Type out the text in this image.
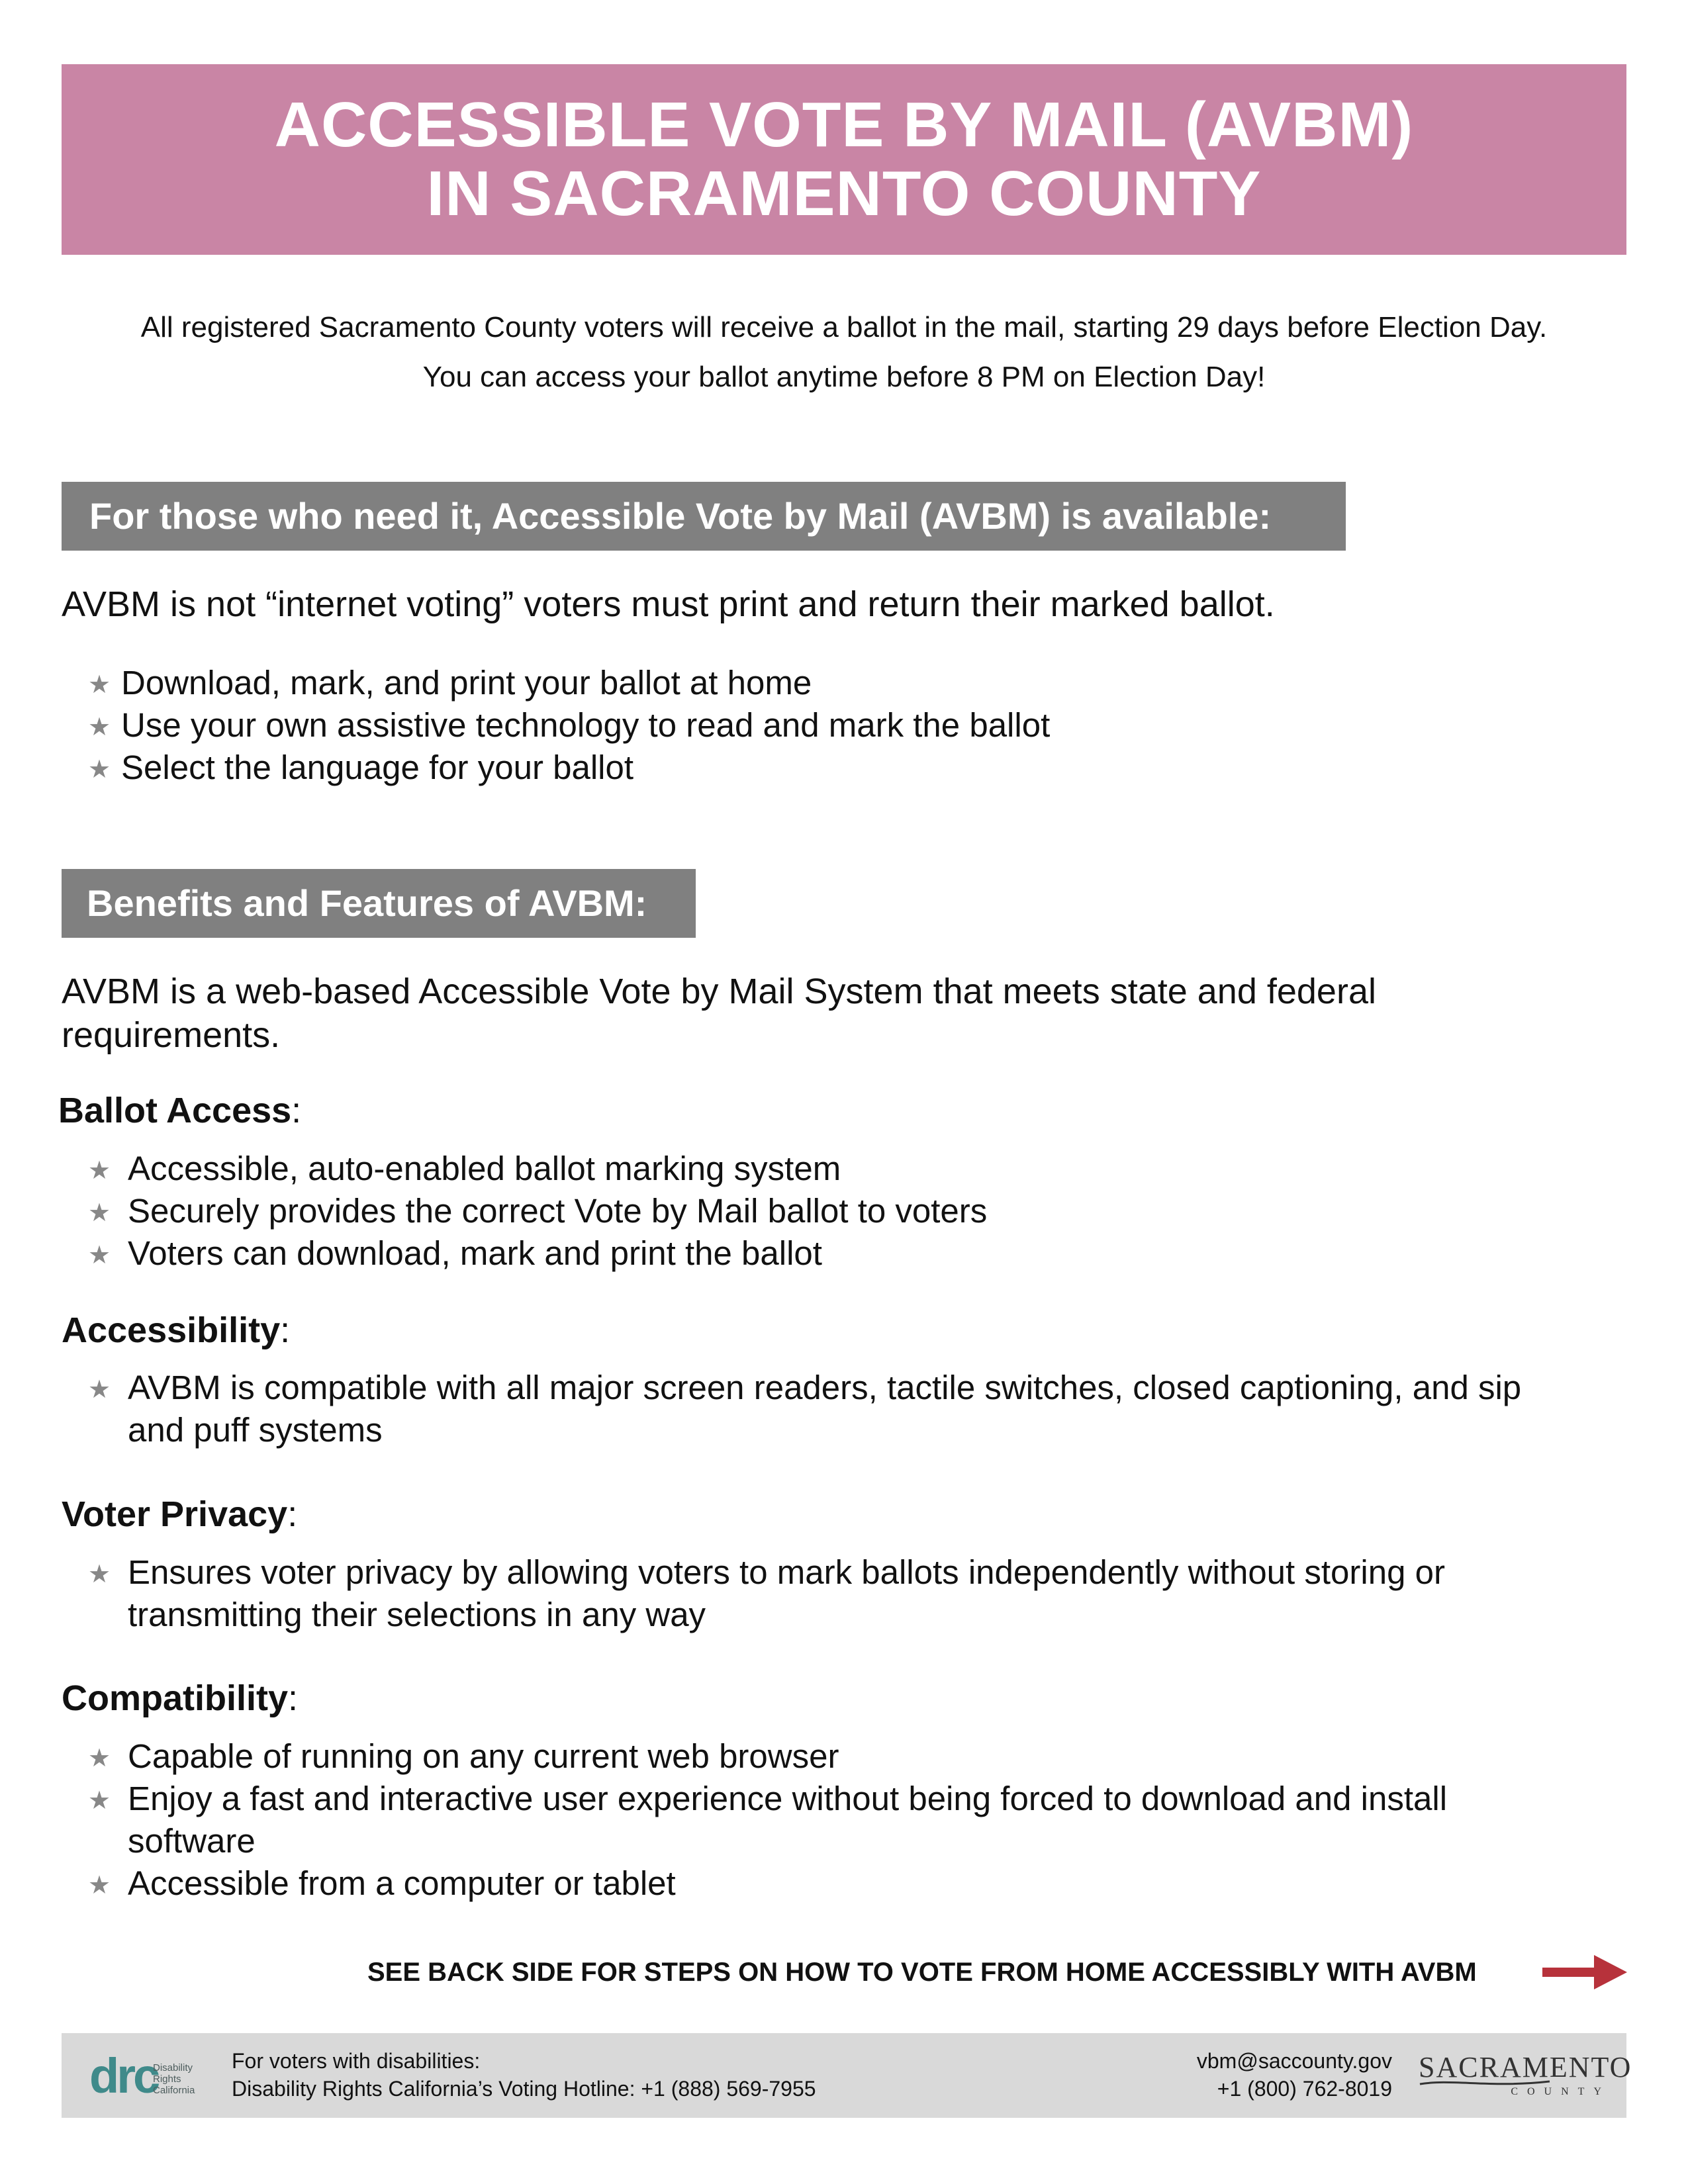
ACCESSIBLE VOTE BY MAIL (AVBM)
IN SACRAMENTO COUNTY
All registered Sacramento County voters will receive a ballot in the mail, starting 29 days before Election Day.
You can access your ballot anytime before 8 PM on Election Day!
For those who need it, Accessible Vote by Mail (AVBM) is available:
AVBM is not “internet voting” voters must print and return their marked ballot.
★ Download, mark, and print your ballot at home
★ Use your own assistive technology to read and mark the ballot
★ Select the language for your ballot
Benefits and Features of AVBM:
AVBM is a web-based Accessible Vote by Mail System that meets state and federal
requirements.
Ballot Access:
★ Accessible, auto-enabled ballot marking system
★ Securely provides the correct Vote by Mail ballot to voters
★ Voters can download, mark and print the ballot
Accessibility:
★ AVBM is compatible with all major screen readers, tactile switches, closed captioning, and sip
and puff systems
Voter Privacy:
★ Ensures voter privacy by allowing voters to mark ballots independently without storing or
transmitting their selections in any way
Compatibility:
★ Capable of running on any current web browser
★ Enjoy a fast and interactive user experience without being forced to download and install
software
★ Accessible from a computer or tablet
SEE BACK SIDE FOR STEPS ON HOW TO VOTE FROM HOME ACCESSIBLY WITH AVBM
drc
Disability
Rights
California
For voters with disabilities:
Disability Rights California’s Voting Hotline: +1 (888) 569-7955
vbm@saccounty.gov
+1 (800) 762-8019
SACRAMENTO
COUNTY
